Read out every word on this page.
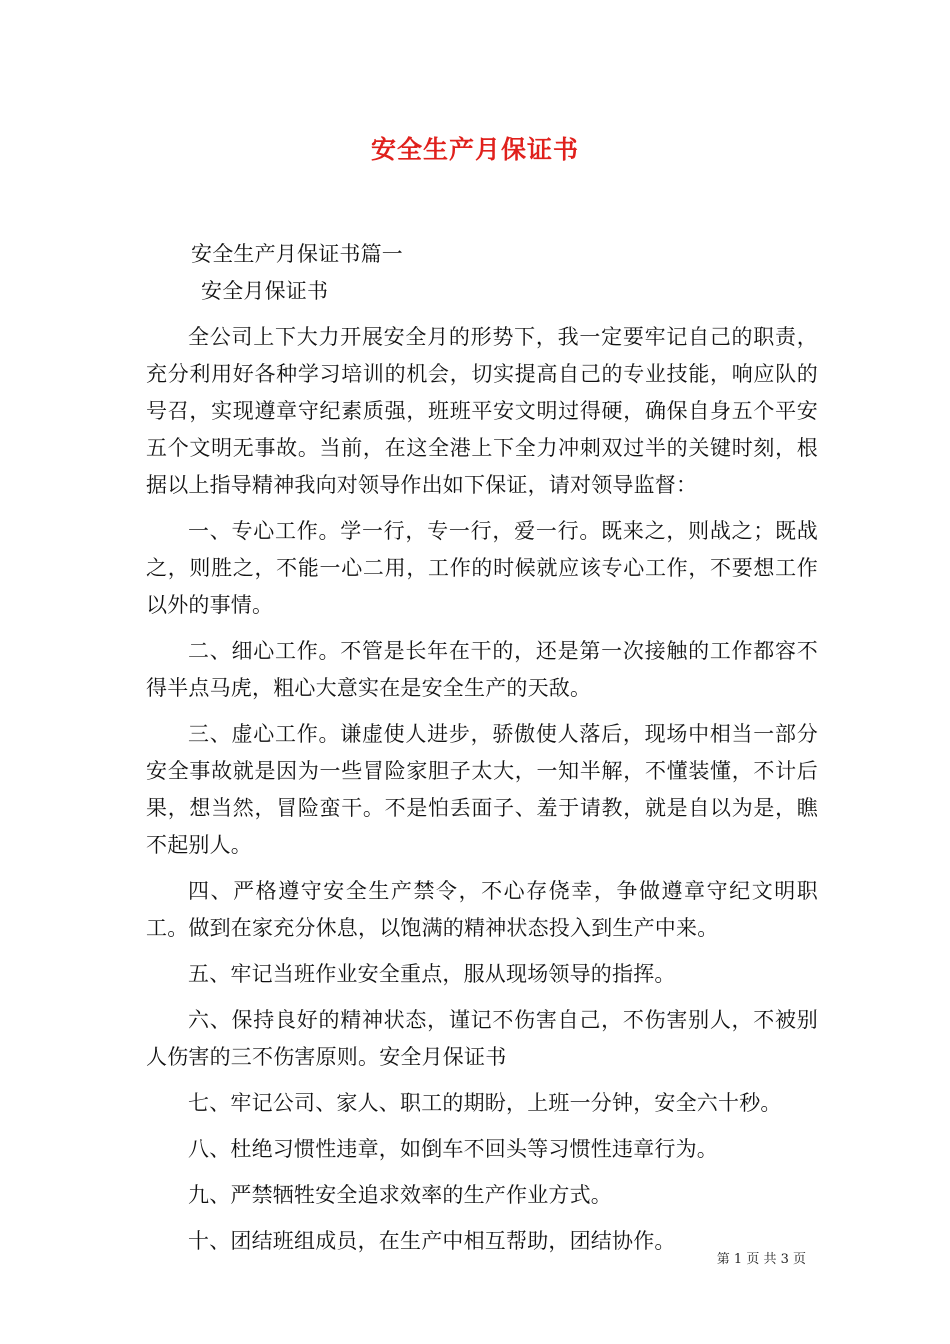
安全生产月保证书

安全生产月保证书篇一

安全月保证书

全公司上下大力开展安全月的形势下，我一定要牢记自己的职责，充分利用好各种学习培训的机会，切实提高自己的专业技能，响应队的号召，实现遵章守纪素质强，班班平安文明过得硬，确保自身五个平安五个文明无事故。当前，在这全港上下全力冲刺双过半的关键时刻，根据以上指导精神我向对领导作出如下保证，请对领导监督：

一、专心工作。学一行，专一行，爱一行。既来之，则战之；既战之，则胜之，不能一心二用，工作的时候就应该专心工作，不要想工作以外的事情。

二、细心工作。不管是长年在干的，还是第一次接触的工作都容不得半点马虎，粗心大意实在是安全生产的天敌。

三、虚心工作。谦虚使人进步，骄傲使人落后，现场中相当一部分安全事故就是因为一些冒险家胆子太大，一知半解，不懂装懂，不计后果，想当然，冒险蛮干。不是怕丢面子、羞于请教，就是自以为是，瞧不起别人。

四、严格遵守安全生产禁令，不心存侥幸，争做遵章守纪文明职工。做到在家充分休息，以饱满的精神状态投入到生产中来。

五、牢记当班作业安全重点，服从现场领导的指挥。

六、保持良好的精神状态，谨记不伤害自己，不伤害别人，不被别人伤害的三不伤害原则。安全月保证书

七、牢记公司、家人、职工的期盼，上班一分钟，安全六十秒。

八、杜绝习惯性违章，如倒车不回头等习惯性违章行为。

九、严禁牺牲安全追求效率的生产作业方式。

十、团结班组成员，在生产中相互帮助，团结协作。

第 1 页 共 3 页
